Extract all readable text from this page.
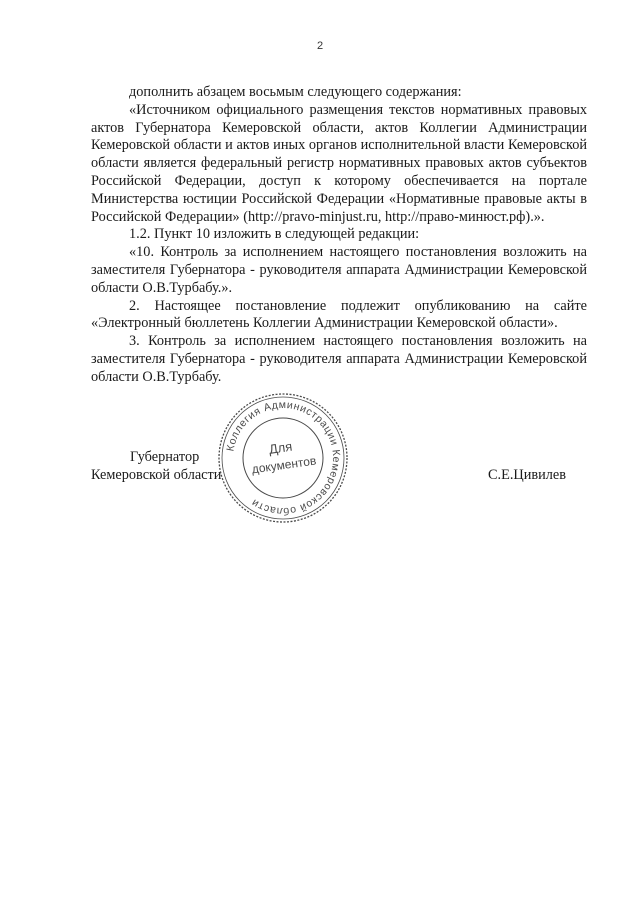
2

дополнить абзацем восьмым следующего содержания:

«Источником официального размещения текстов нормативных правовых актов Губернатора Кемеровской области, актов Коллегии Администрации Кемеровской области и актов иных органов исполнительной власти Кемеровской области является федеральный регистр нормативных правовых актов субъектов Российской Федерации, доступ к которому обеспечивается на портале Министерства юстиции Российской Федерации «Нормативные правовые акты в Российской Федерации» (http://pravo-minjust.ru, http://право-минюст.рф).».

1.2. Пункт 10 изложить в следующей редакции:

«10. Контроль за исполнением настоящего постановления возложить на заместителя Губернатора - руководителя аппарата Администрации Кемеровской области О.В.Турбабу.».

2. Настоящее постановление подлежит опубликованию на сайте «Электронный бюллетень Коллегии Администрации Кемеровской области».

3. Контроль за исполнением настоящего постановления возложить на заместителя Губернатора - руководителя аппарата Администрации Кемеровской области О.В.Турбабу.

Губернатор
Кемеровской области	С.Е.Цивилев
Коллегия Администрации Кемеровской области
Для
документов
